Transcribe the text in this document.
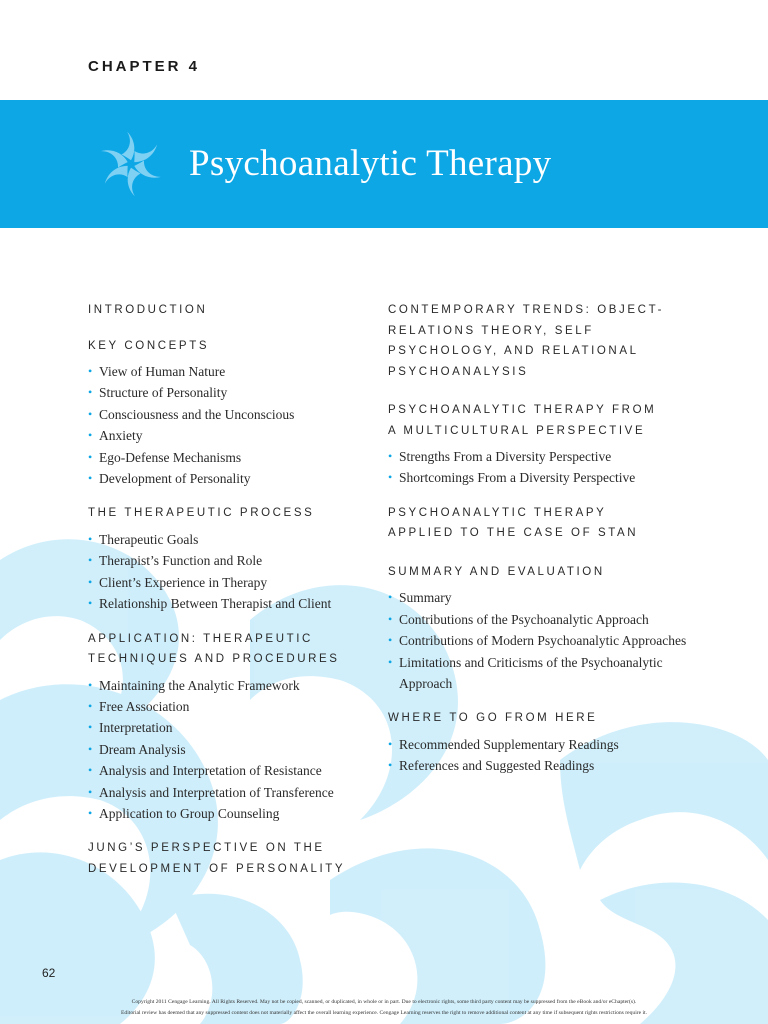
CHAPTER 4
Psychoanalytic Therapy
INTRODUCTION
KEY CONCEPTS
• View of Human Nature
• Structure of Personality
• Consciousness and the Unconscious
• Anxiety
• Ego-Defense Mechanisms
• Development of Personality
THE THERAPEUTIC PROCESS
• Therapeutic Goals
• Therapist’s Function and Role
• Client’s Experience in Therapy
• Relationship Between Therapist and Client
APPLICATION: THERAPEUTIC
TECHNIQUES AND PROCEDURES
• Maintaining the Analytic Framework
• Free Association
• Interpretation
• Dream Analysis
• Analysis and Interpretation of Resistance
• Analysis and Interpretation of Transference
• Application to Group Counseling
JUNG’S PERSPECTIVE ON THE
DEVELOPMENT OF PERSONALITY
CONTEMPORARY TRENDS: OBJECT-
RELATIONS THEORY, SELF
PSYCHOLOGY, AND RELATIONAL
PSYCHOANALYSIS
PSYCHOANALYTIC THERAPY FROM
A MULTICULTURAL PERSPECTIVE
• Strengths From a Diversity Perspective
• Shortcomings From a Diversity Perspective
PSYCHOANALYTIC THERAPY
APPLIED TO THE CASE OF STAN
SUMMARY AND EVALUATION
• Summary
• Contributions of the Psychoanalytic Approach
• Contributions of Modern Psychoanalytic Approaches
• Limitations and Criticisms of the Psychoanalytic Approach
WHERE TO GO FROM HERE
• Recommended Supplementary Readings
• References and Suggested Readings
62
Copyright 2011 Cengage Learning. All Rights Reserved. May not be copied, scanned, or duplicated, in whole or in part. Due to electronic rights, some third party content may be suppressed from the eBook and/or eChapter(s).
Editorial review has deemed that any suppressed content does not materially affect the overall learning experience. Cengage Learning reserves the right to remove additional content at any time if subsequent rights restrictions require it.
